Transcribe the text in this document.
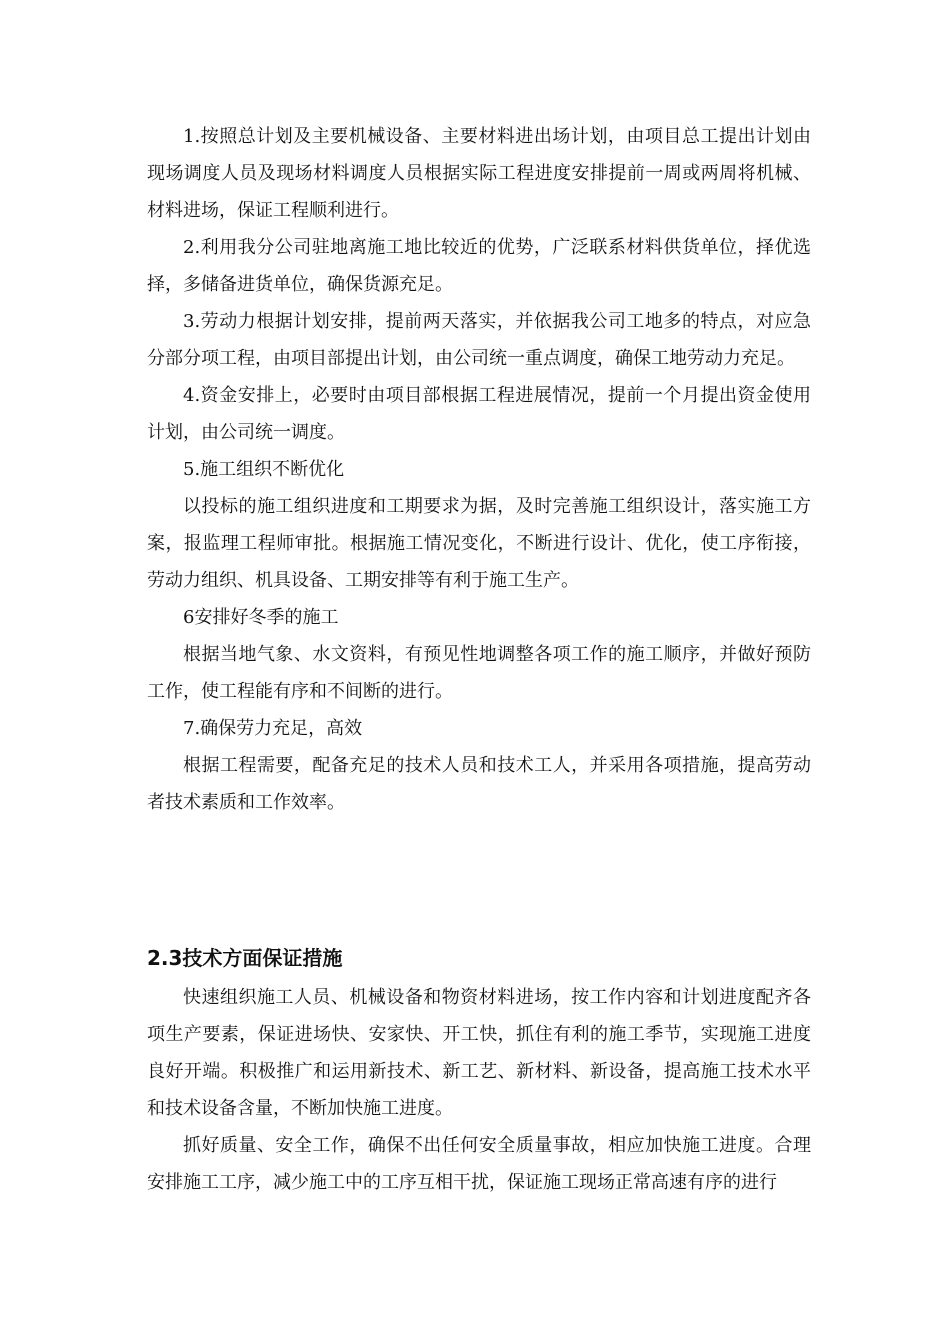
1.按照总计划及主要机械设备、主要材料进出场计划，由项目总工提出计划由现场调度人员及现场材料调度人员根据实际工程进度安排提前一周或两周将机械、材料进场，保证工程顺利进行。

2.利用我分公司驻地离施工地比较近的优势，广泛联系材料供货单位，择优选择，多储备进货单位，确保货源充足。

3.劳动力根据计划安排，提前两天落实，并依据我公司工地多的特点，对应急分部分项工程，由项目部提出计划，由公司统一重点调度，确保工地劳动力充足。

4.资金安排上，必要时由项目部根据工程进展情况，提前一个月提出资金使用计划，由公司统一调度。

5.施工组织不断优化

以投标的施工组织进度和工期要求为据，及时完善施工组织设计，落实施工方案，报监理工程师审批。根据施工情况变化，不断进行设计、优化，使工序衔接，劳动力组织、机具设备、工期安排等有利于施工生产。

6安排好冬季的施工

根据当地气象、水文资料，有预见性地调整各项工作的施工顺序，并做好预防工作，使工程能有序和不间断的进行。

7.确保劳力充足，高效

根据工程需要，配备充足的技术人员和技术工人，并采用各项措施，提高劳动者技术素质和工作效率。

2.3技术方面保证措施

快速组织施工人员、机械设备和物资材料进场，按工作内容和计划进度配齐各项生产要素，保证进场快、安家快、开工快，抓住有利的施工季节，实现施工进度良好开端。积极推广和运用新技术、新工艺、新材料、新设备，提高施工技术水平和技术设备含量，不断加快施工进度。

抓好质量、安全工作，确保不出任何安全质量事故，相应加快施工进度。合理安排施工工序，减少施工中的工序互相干扰，保证施工现场正常高速有序的进行
